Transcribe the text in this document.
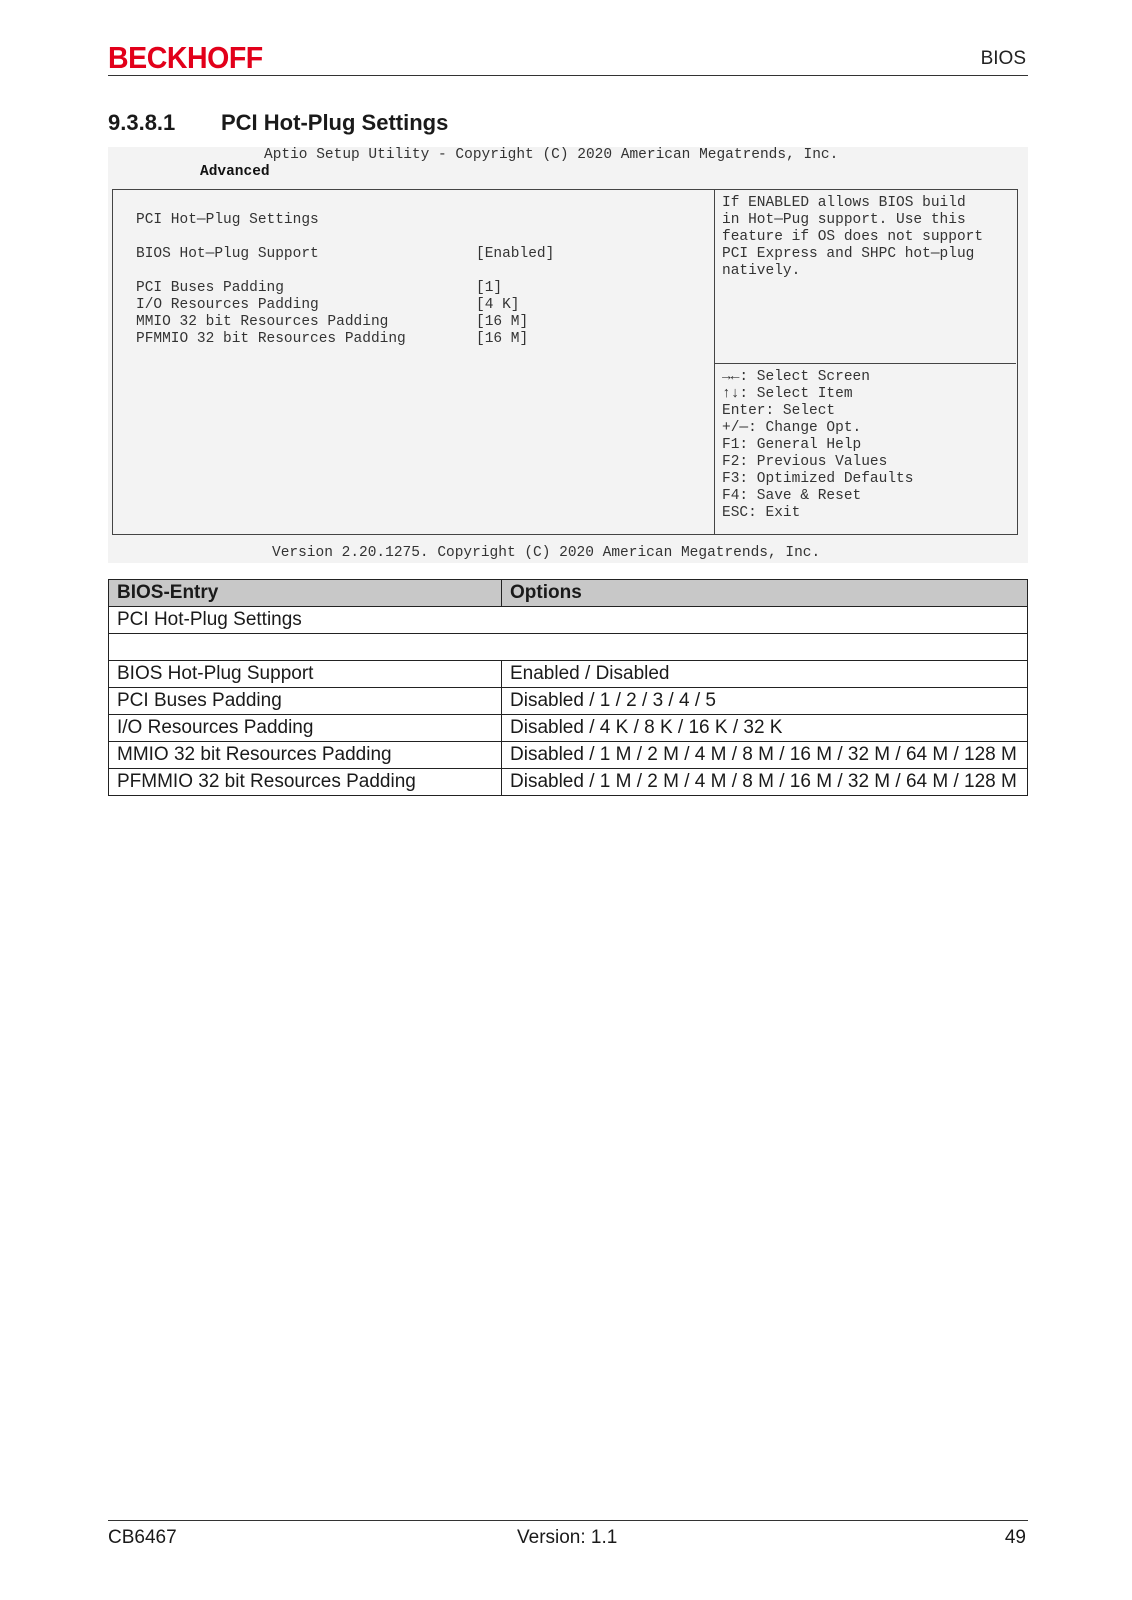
BECKHOFF	BIOS
9.3.8.1 PCI Hot-Plug Settings
Aptio Setup Utility - Copyright (C) 2020 American Megatrends, Inc.
Advanced
PCI Hot—Plug Settings
BIOS Hot—Plug Support	[Enabled]
PCI Buses Padding	[1]
I/O Resources Padding	[4 K]
MMIO 32 bit Resources Padding	[16 M]
PFMMIO 32 bit Resources Padding	[16 M]
If ENABLED allows BIOS build
in Hot—Pug support. Use this
feature if OS does not support
PCI Express and SHPC hot—plug
natively.
→←: Select Screen
↑↓: Select Item
Enter: Select
+/—: Change Opt.
F1: General Help
F2: Previous Values
F3: Optimized Defaults
F4: Save & Reset
ESC: Exit
Version 2.20.1275. Copyright (C) 2020 American Megatrends, Inc.
BIOS-Entry	Options
PCI Hot-Plug Settings	

BIOS Hot-Plug Support	Enabled / Disabled
PCI Buses Padding	Disabled / 1 / 2 / 3 / 4 / 5
I/O Resources Padding	Disabled / 4 K / 8 K / 16 K / 32 K
MMIO 32 bit Resources Padding	Disabled / 1 M / 2 M / 4 M / 8 M / 16 M / 32 M / 64 M / 128 M
PFMMIO 32 bit Resources Padding	Disabled / 1 M / 2 M / 4 M / 8 M / 16 M / 32 M / 64 M / 128 M
CB6467	Version: 1.1	49
